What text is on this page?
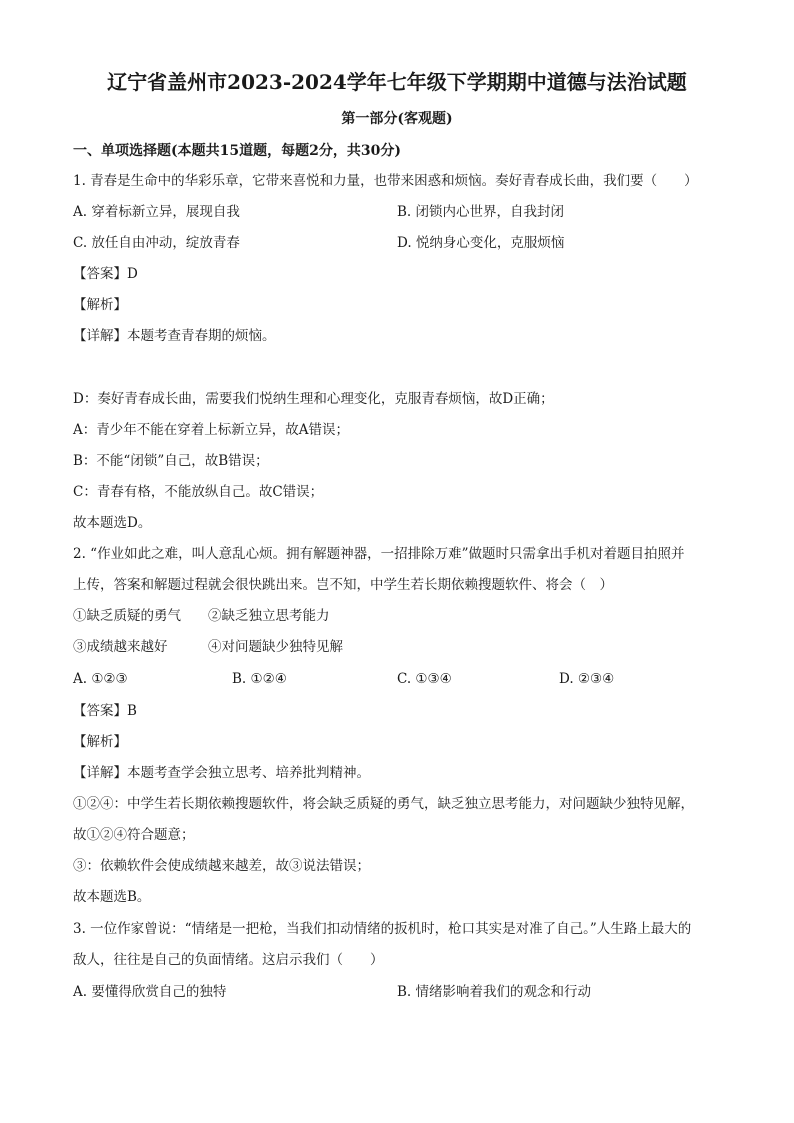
辽宁省盖州市2023-2024学年七年级下学期期中道德与法治试题
第一部分(客观题)
一、单项选择题(本题共15道题，每题2分，共30分)
1. 青春是生命中的华彩乐章，它带来喜悦和力量，也带来困惑和烦恼。奏好青春成长曲，我们要（　　）
A. 穿着标新立异，展现自我	B. 闭锁内心世界，自我封闭
C. 放任自由冲动，绽放青春	D. 悦纳身心变化，克服烦恼
【答案】D
【解析】
【详解】本题考查青春期的烦恼。
D：奏好青春成长曲，需要我们悦纳生理和心理变化，克服青春烦恼，故D正确；
A：青少年不能在穿着上标新立异，故A错误；
B：不能“闭锁”自己，故B错误；
C：青春有格，不能放纵自己。故C错误；
故本题选D。
2. “作业如此之难，叫人意乱心烦。拥有解题神器，一招排除万难”做题时只需拿出手机对着题目拍照并
上传，答案和解题过程就会很快跳出来。岂不知，中学生若长期依赖搜题软件、将会（　）
①缺乏质疑的勇气　　②缺乏独立思考能力
③成绩越来越好　　　④对问题缺少独特见解
A. ①②③	B. ①②④	C. ①③④	D. ②③④
【答案】B
【解析】
【详解】本题考查学会独立思考、培养批判精神。
①②④：中学生若长期依赖搜题软件，将会缺乏质疑的勇气，缺乏独立思考能力，对问题缺少独特见解，
故①②④符合题意；
③：依赖软件会使成绩越来越差，故③说法错误；
故本题选B。
3. 一位作家曾说：“情绪是一把枪，当我们扣动情绪的扳机时，枪口其实是对准了自己。”人生路上最大的
敌人，往往是自己的负面情绪。这启示我们（　　）
A. 要懂得欣赏自己的独特	B. 情绪影响着我们的观念和行动
